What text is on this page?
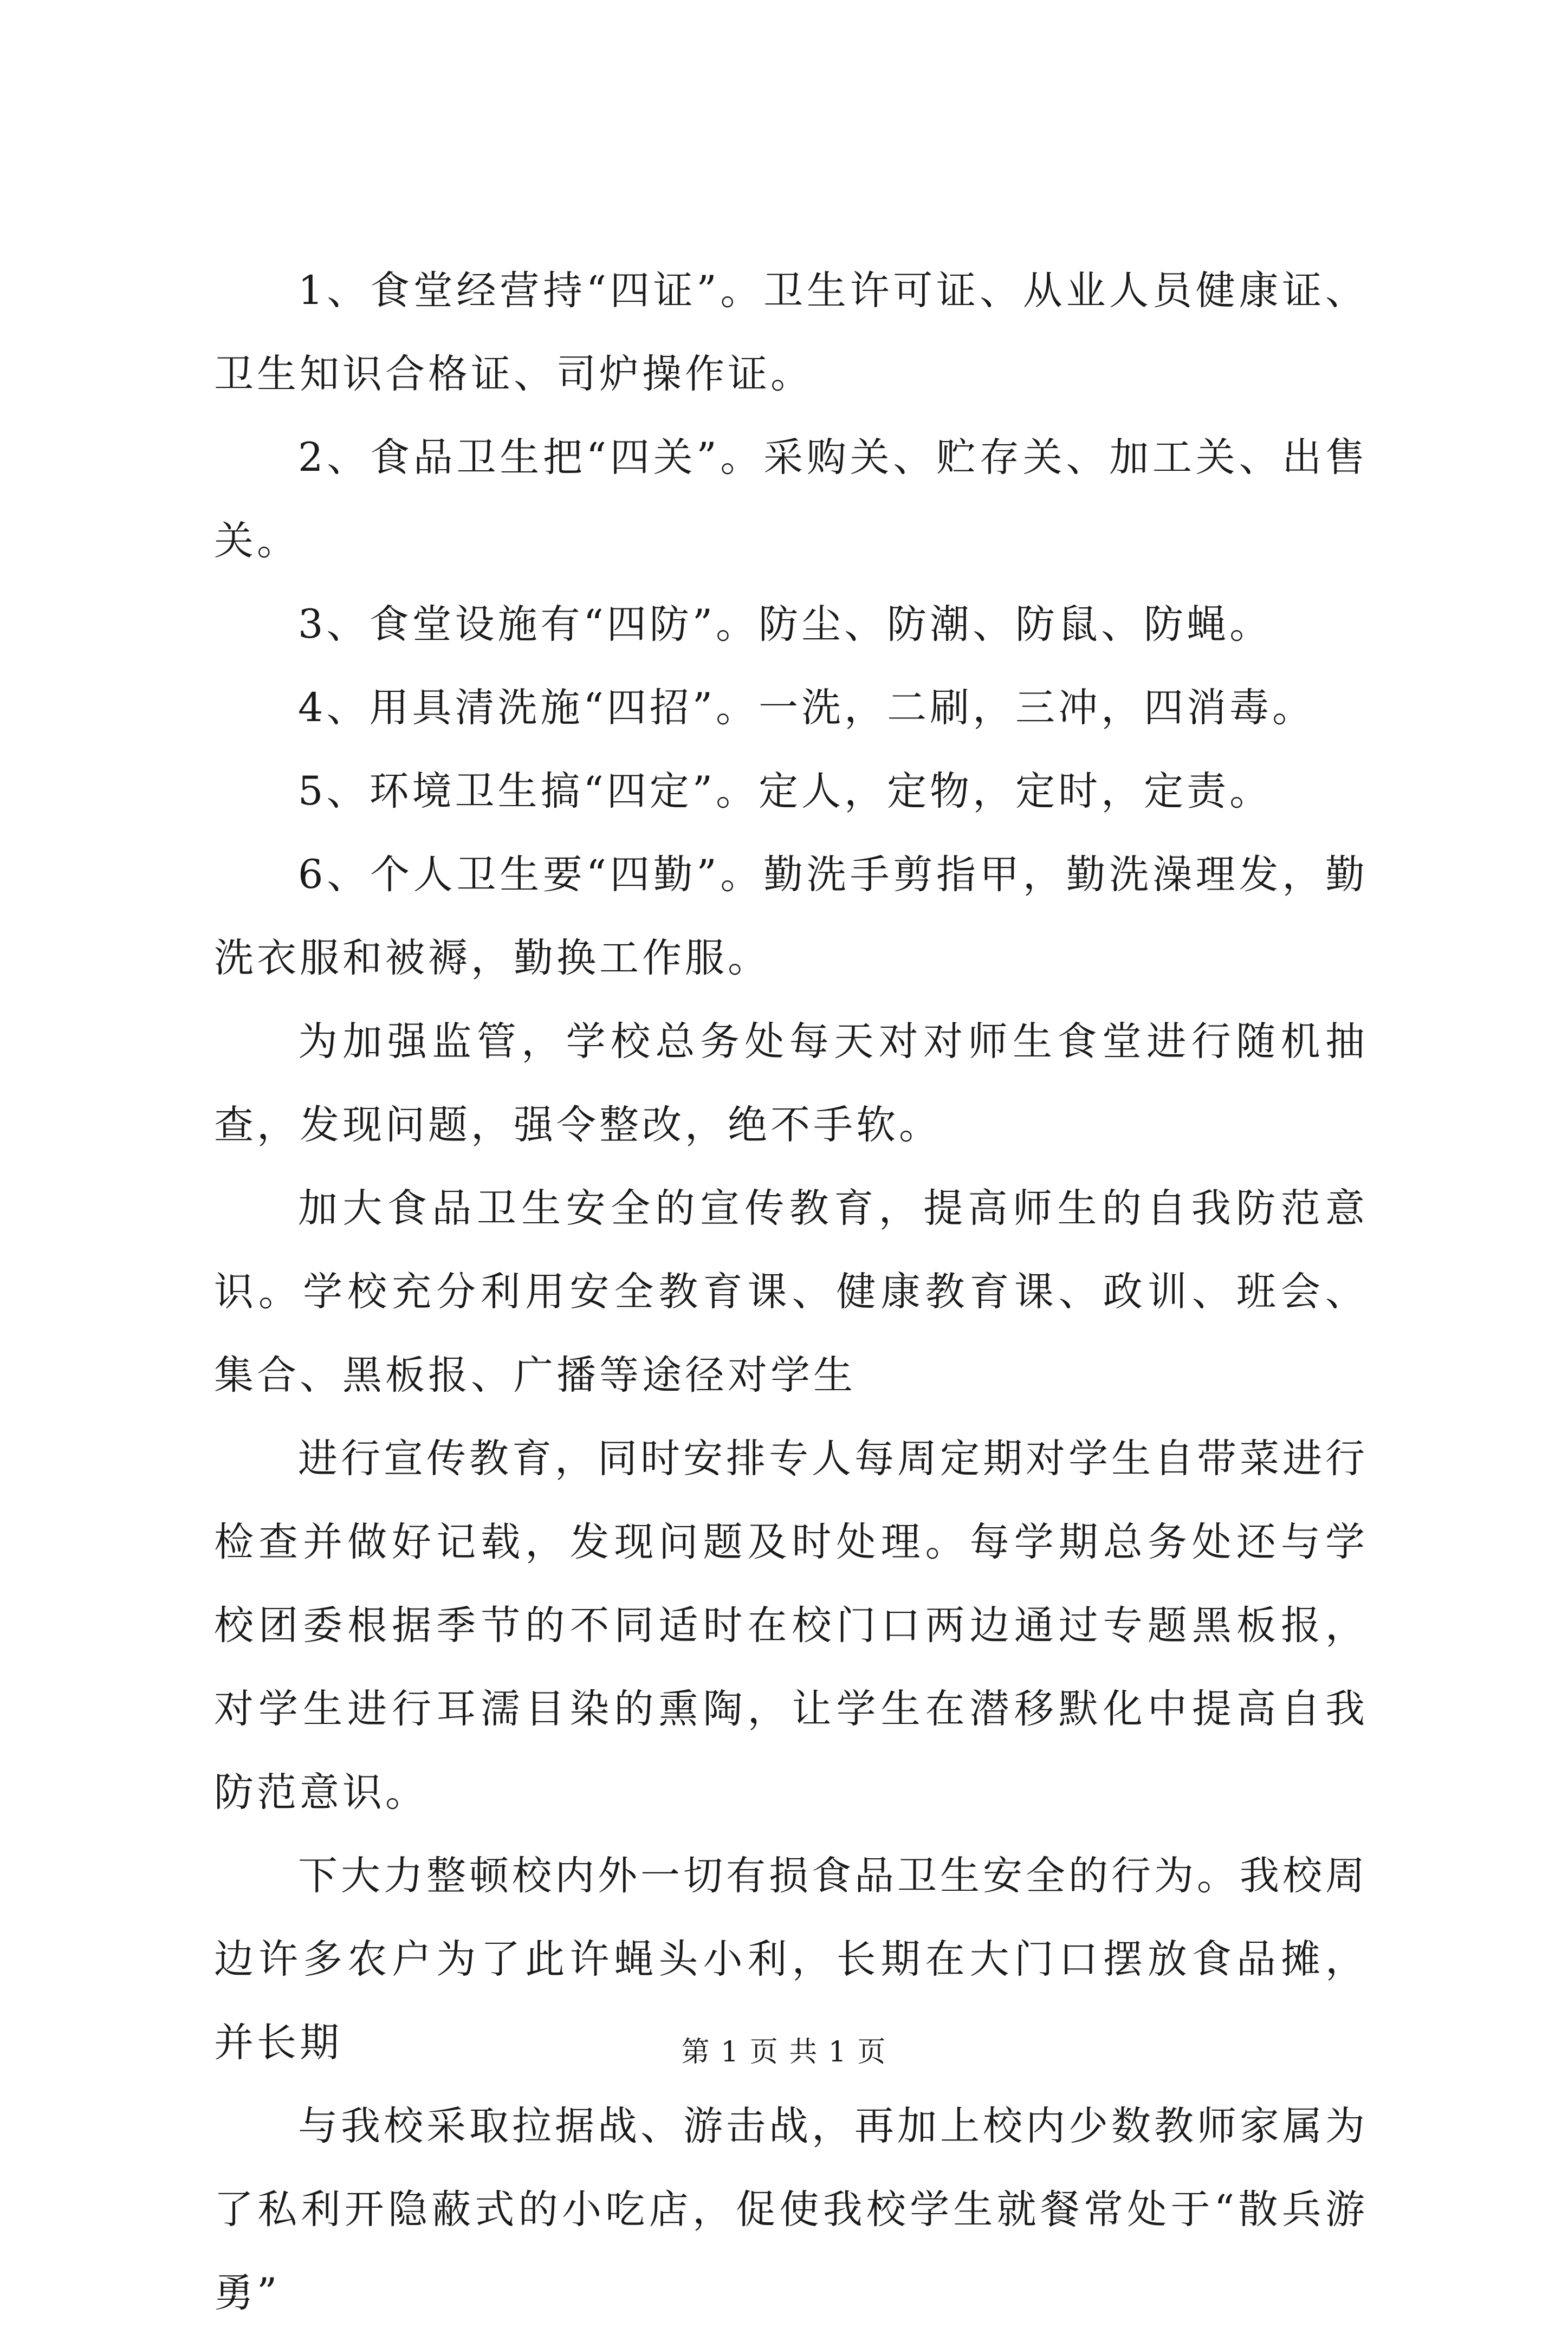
1、食堂经营持“四证”。卫生许可证、从业人员健康证、卫生知识合格证、司炉操作证。

2、食品卫生把“四关”。采购关、贮存关、加工关、出售关。

3、食堂设施有“四防”。防尘、防潮、防鼠、防蝇。

4、用具清洗施“四招”。一洗，二刷，三冲，四消毒。

5、环境卫生搞“四定”。定人，定物，定时，定责。

6、个人卫生要“四勤”。勤洗手剪指甲，勤洗澡理发，勤洗衣服和被褥，勤换工作服。

为加强监管，学校总务处每天对对师生食堂进行随机抽查，发现问题，强令整改，绝不手软。

加大食品卫生安全的宣传教育，提高师生的自我防范意识。学校充分利用安全教育课、健康教育课、政训、班会、集合、黑板报、广播等途径对学生

进行宣传教育，同时安排专人每周定期对学生自带菜进行检查并做好记载，发现问题及时处理。每学期总务处还与学校团委根据季节的不同适时在校门口两边通过专题黑板报，对学生进行耳濡目染的熏陶，让学生在潜移默化中提高自我防范意识。

下大力整顿校内外一切有损食品卫生安全的行为。我校周边许多农户为了此许蝇头小利，长期在大门口摆放食品摊，并长期

与我校采取拉据战、游击战，再加上校内少数教师家属为了私利开隐蔽式的小吃店，促使我校学生就餐常处于“散兵游勇”

第 1 页 共 1 页
